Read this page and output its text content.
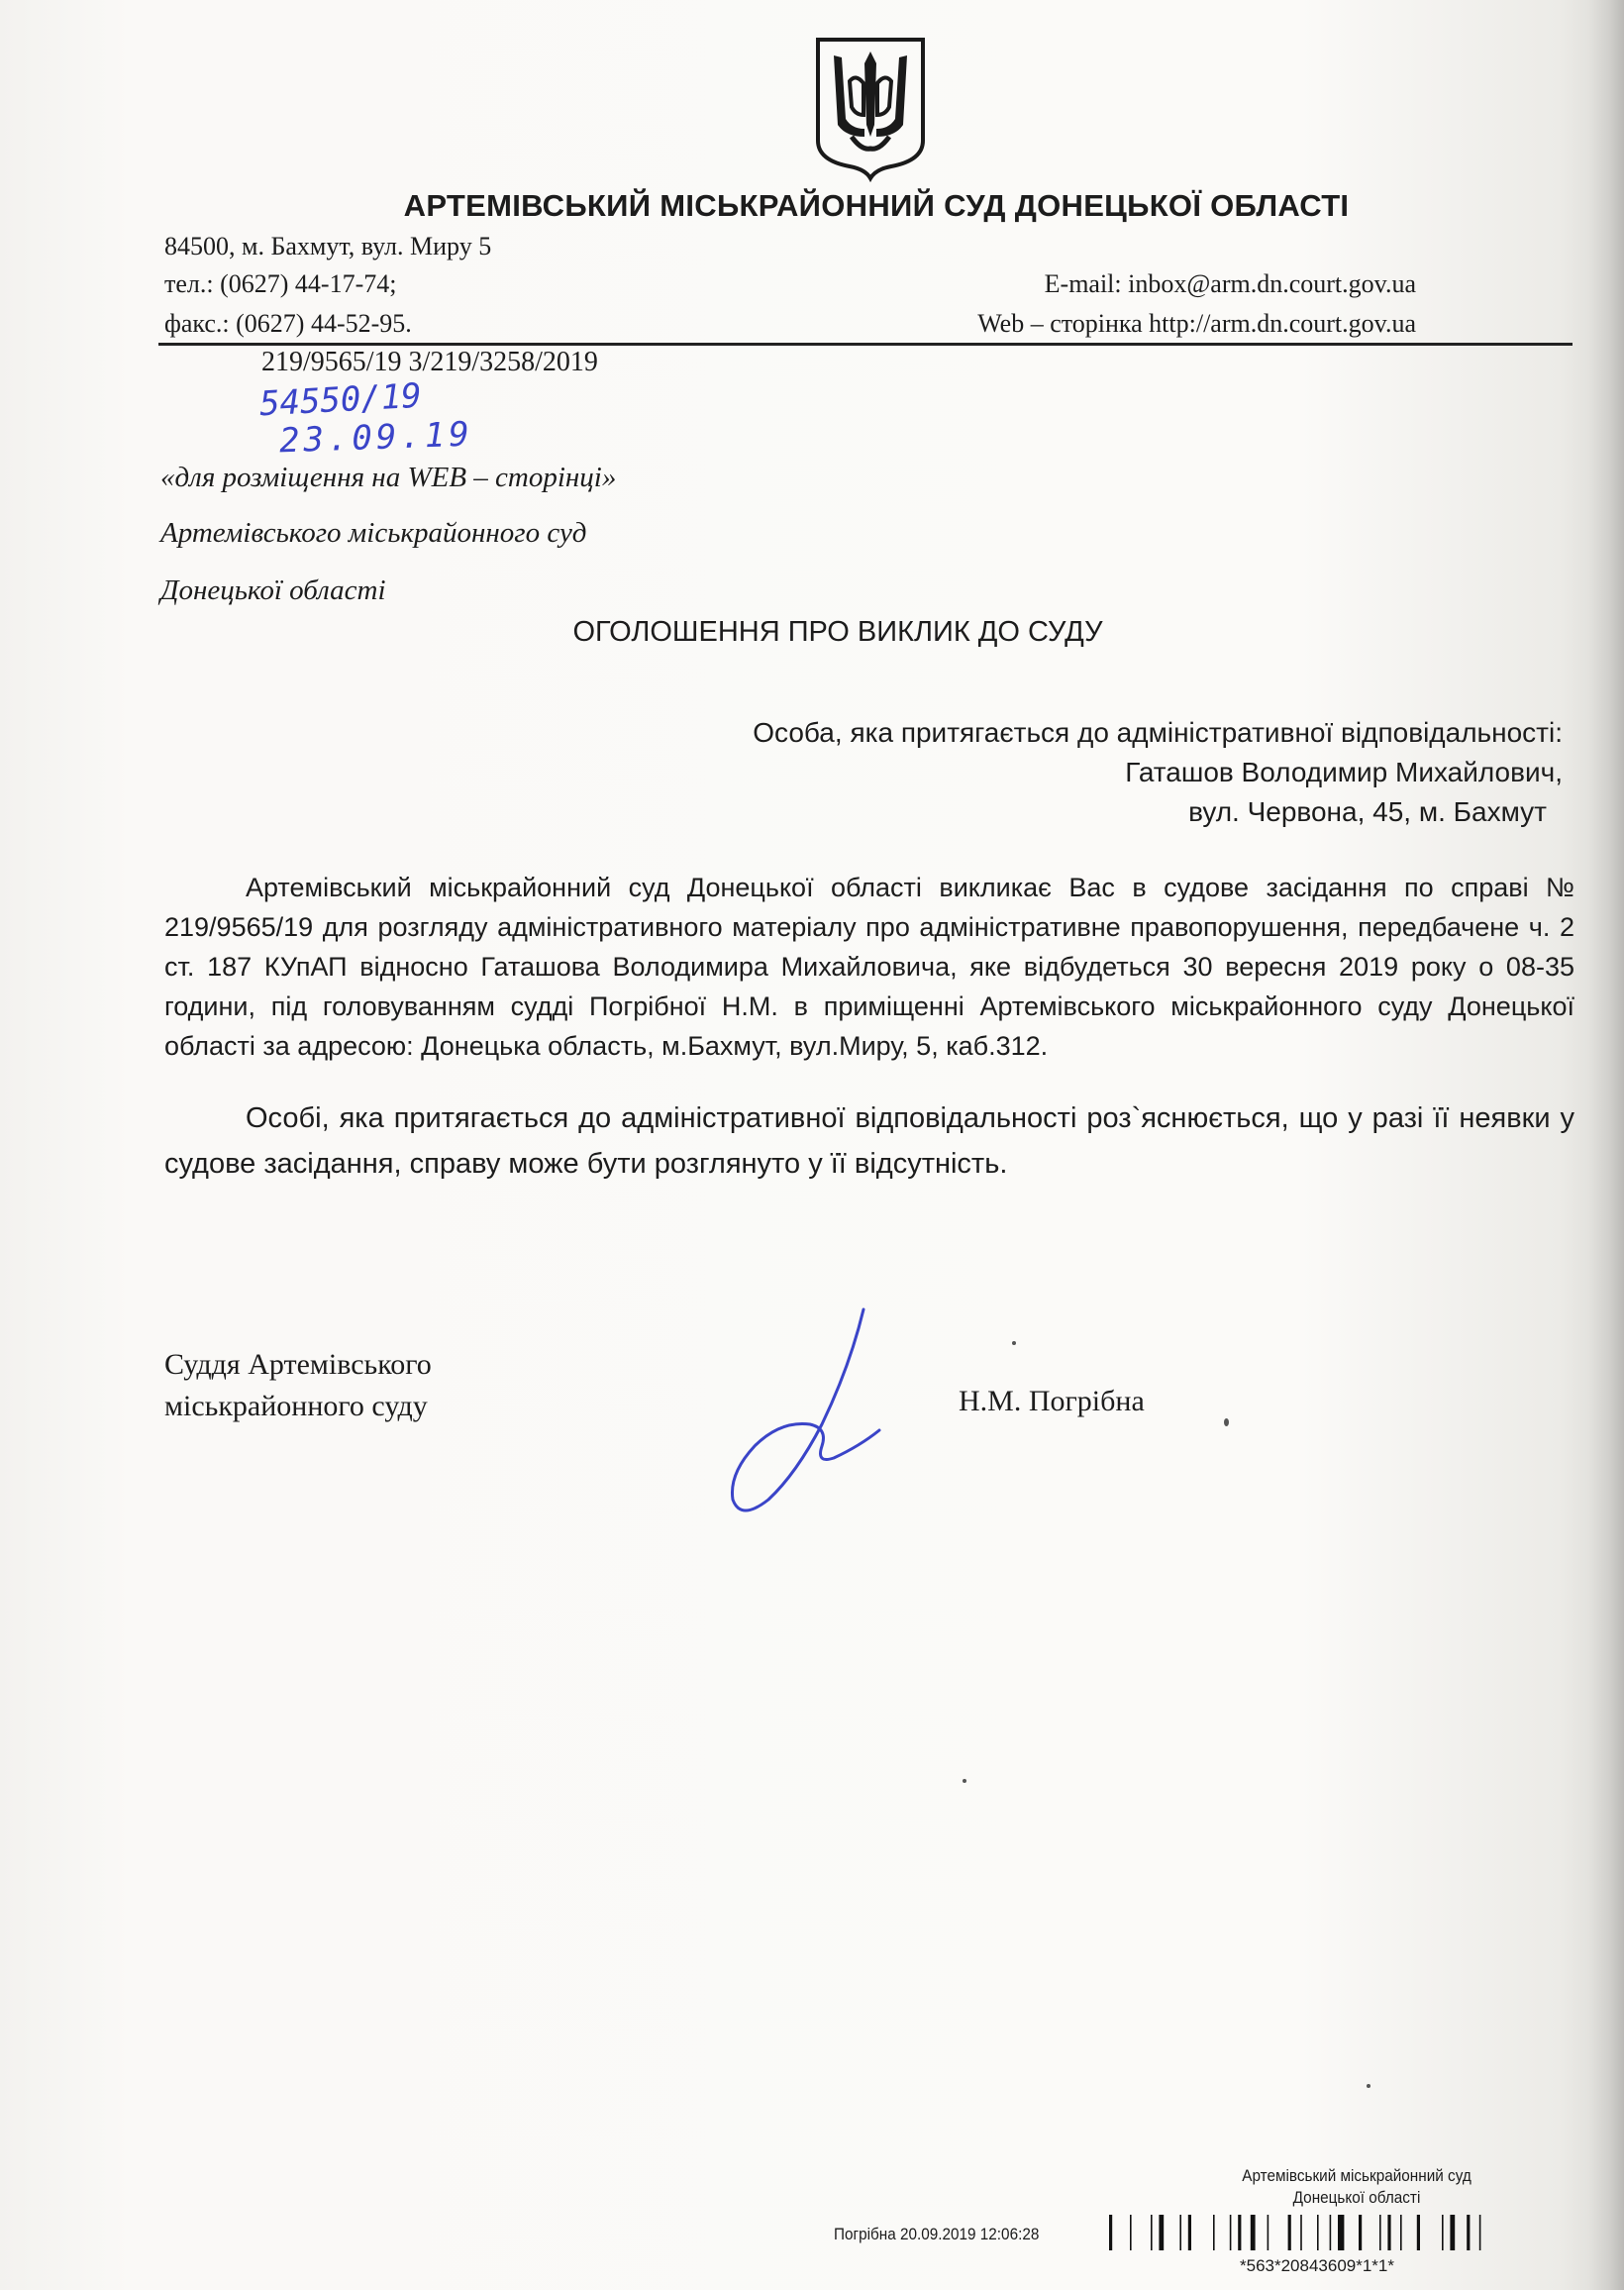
АРТЕМІВСЬКИЙ МІСЬКРАЙОННИЙ СУД ДОНЕЦЬКОЇ ОБЛАСТІ
84500, м. Бахмут, вул. Миру 5
тел.: (0627) 44-17-74;
факс.: (0627) 44-52-95.
E-mail: inbox@arm.dn.court.gov.ua
Web – сторінка http://arm.dn.court.gov.ua
219/9565/19 3/219/3258/2019
54550/19
23.09.19
«для розміщення на WEB – сторінці»
Артемівського міськрайонного суд
Донецької області
ОГОЛОШЕННЯ ПРО ВИКЛИК ДО СУДУ
Особа, яка притягається до адміністративної відповідальності:
Гаташов Володимир Михайлович,
вул. Червона, 45, м. Бахмут
Артемівський міськрайонний суд Донецької області викликає Вас в судове засідання по справі № 219/9565/19 для розгляду адміністративного матеріалу про адміністративне правопорушення, передбачене ч. 2 ст. 187 КУпАП відносно Гаташова Володимира Михайловича, яке відбудеться 30 вересня 2019 року о 08-35 години, під головуванням судді Погрібної Н.М. в приміщенні Артемівського міськрайонного суду Донецької області за адресою: Донецька область, м.Бахмут, вул.Миру, 5, каб.312.
Особі, яка притягається до адміністративної відповідальності роз`яснюється, що у разі її неявки у судове засідання, справу може бути розглянуто у її відсутність.
Суддя Артемівського
міськрайонного суду	Н.М. Погрібна
Артемівський міськрайонний суд
Донецької області
Погрібна 20.09.2019 12:06:28
*563*20843609*1*1*
